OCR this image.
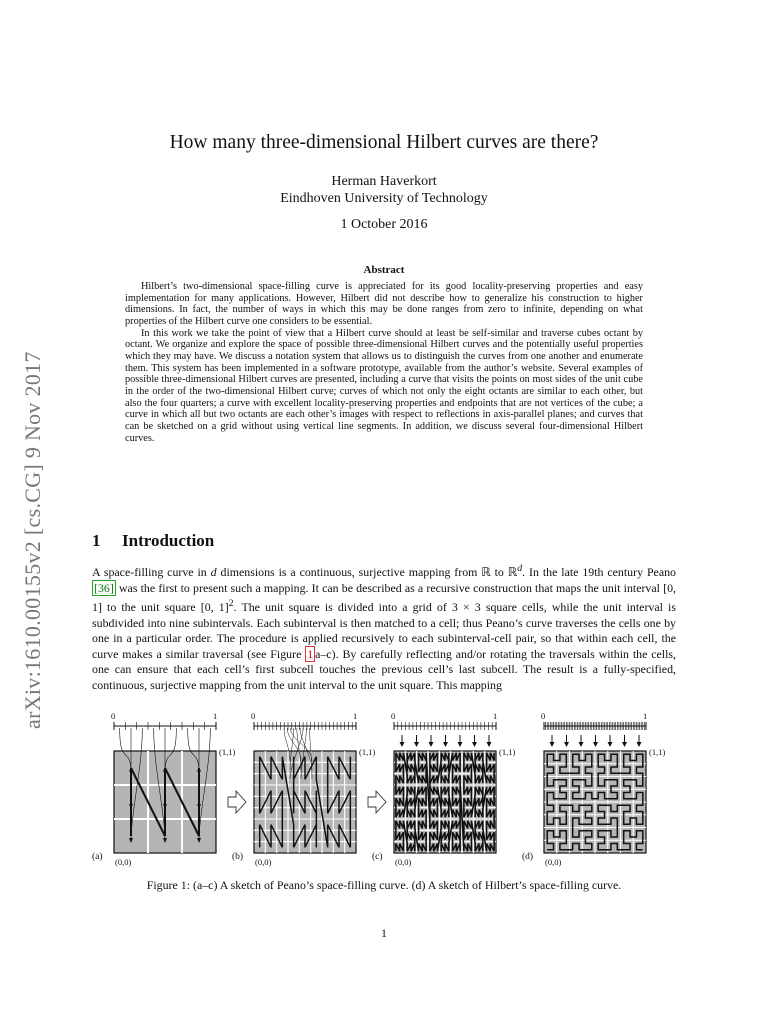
arXiv:1610.00155v2 [cs.CG] 9 Nov 2017
How many three-dimensional Hilbert curves are there?
Herman Haverkort
Eindhoven University of Technology
1 October 2016
Abstract

Hilbert’s two-dimensional space-filling curve is appreciated for its good locality-preserving properties and easy implementation for many applications. However, Hilbert did not describe how to generalize his construction to higher dimensions. In fact, the number of ways in which this may be done ranges from zero to infinite, depending on what properties of the Hilbert curve one considers to be essential.

In this work we take the point of view that a Hilbert curve should at least be self-similar and traverse cubes octant by octant. We organize and explore the space of possible three-dimensional Hilbert curves and the potentially useful properties which they may have. We discuss a notation system that allows us to distinguish the curves from one another and enumerate them. This system has been implemented in a software prototype, available from the author’s website. Several examples of possible three-dimensional Hilbert curves are presented, including a curve that visits the points on most sides of the unit cube in the order of the two-dimensional Hilbert curve; curves of which not only the eight octants are similar to each other, but also the four quarters; a curve with excellent locality-preserving properties and endpoints that are not vertices of the cube; a curve in which all but two octants are each other’s images with respect to reflections in axis-parallel planes; and curves that can be sketched on a grid without using vertical line segments. In addition, we discuss several four-dimensional Hilbert curves.

1 Introduction

A space-filling curve in d dimensions is a continuous, surjective mapping from ℝ to ℝ$^d$. In the late 19th century Peano [36] was the first to present such a mapping. It can be described as a recursive construction that maps the unit interval [0, 1] to the unit square [0, 1]$^2$. The unit square is divided into a grid of 3 × 3 square cells, while the unit interval is subdivided into nine subintervals. Each subinterval is then matched to a cell; thus Peano’s curve traverses the cells one by one in a particular order. The procedure is applied recursively to each subinterval-cell pair, so that within each cell, the curve makes a similar traversal (see Figure 1 a–c). By carefully reflecting and/or rotating the traversals within the cells, one can ensure that each cell’s first subcell touches the previous cell’s last subcell. The result is a fully-specified, continuous, surjective mapping from the unit interval to the unit square. This mapping

0	1
(1,1)
(0,0)
(a)
0	1
(1,1)
(0,0)
(b)
0	1
(1,1)
(0,0)
(c)
0	1
(1,1)
(0,0)
(d)
Figure 1: (a–c) A sketch of Peano’s space-filling curve. (d) A sketch of Hilbert’s space-filling curve.
1
